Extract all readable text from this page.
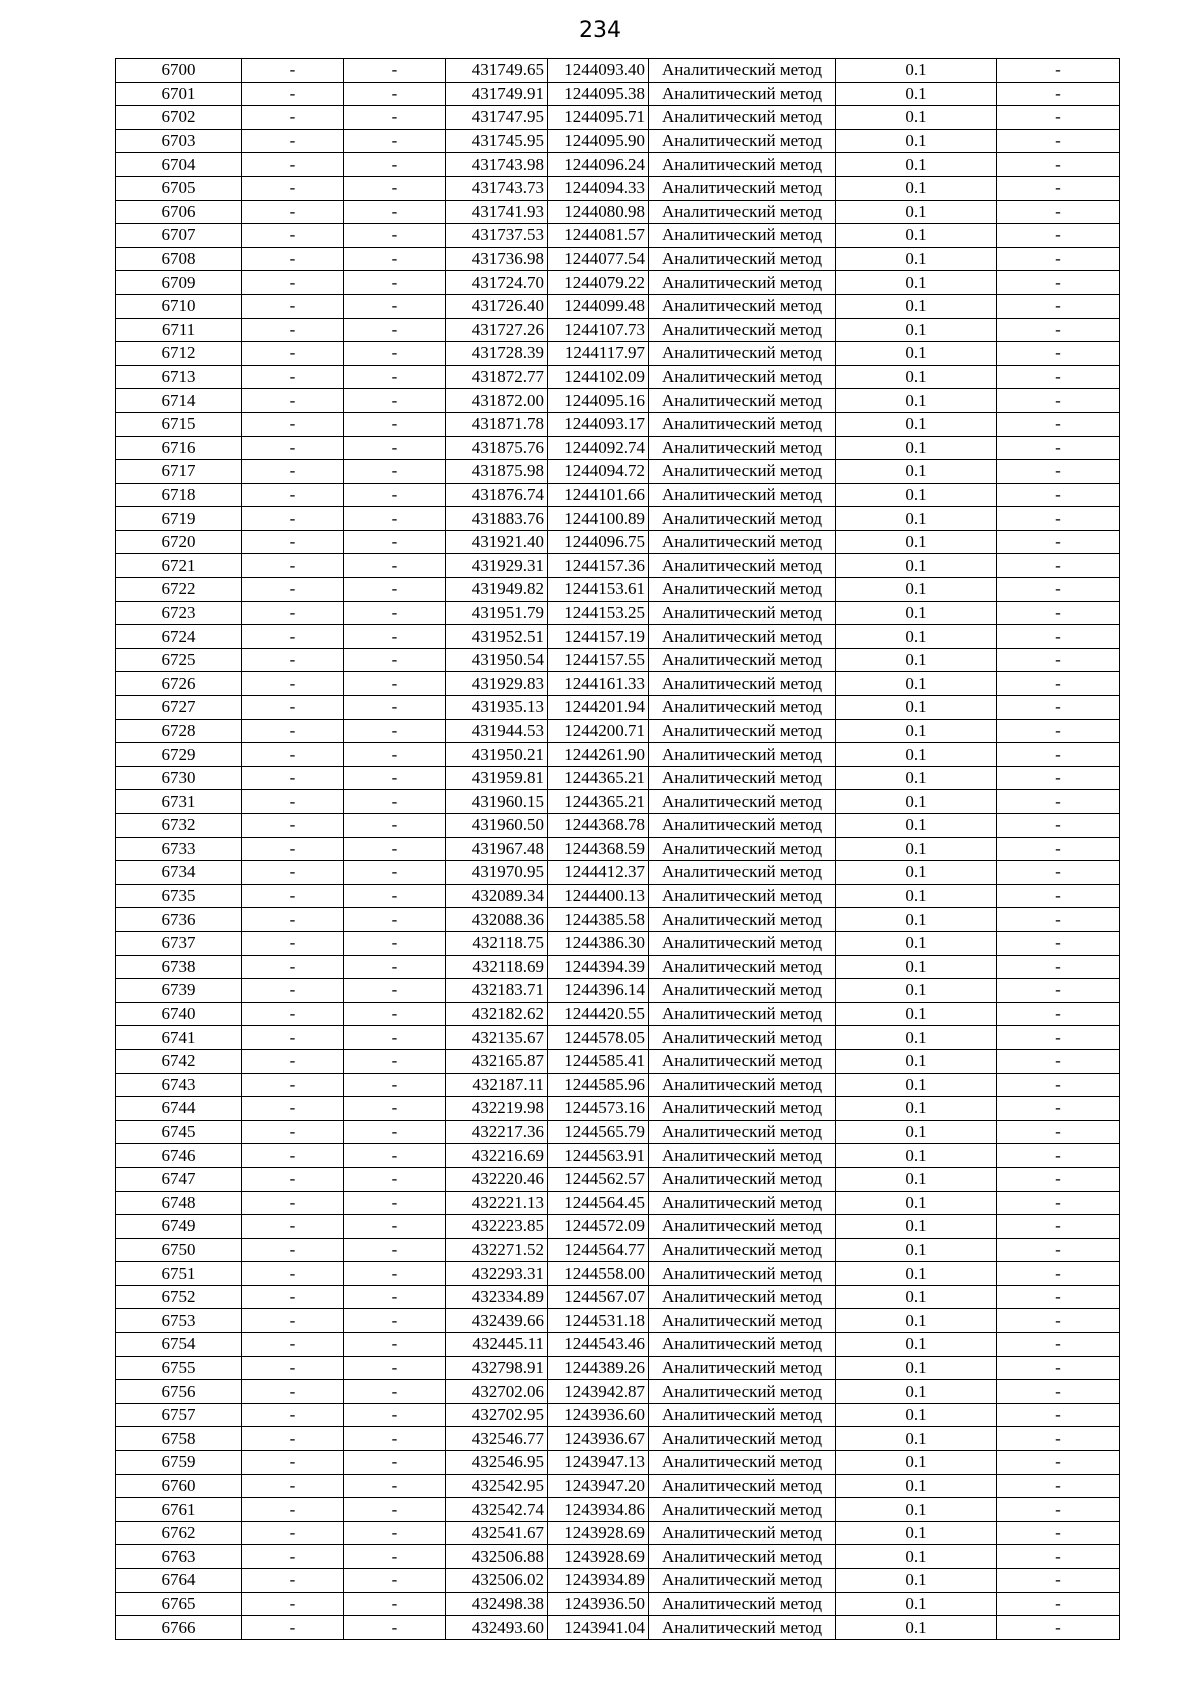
234
6700	-	-	431749.65	1244093.40	Аналитический метод	0.1	-
6701	-	-	431749.91	1244095.38	Аналитический метод	0.1	-
6702	-	-	431747.95	1244095.71	Аналитический метод	0.1	-
6703	-	-	431745.95	1244095.90	Аналитический метод	0.1	-
6704	-	-	431743.98	1244096.24	Аналитический метод	0.1	-
6705	-	-	431743.73	1244094.33	Аналитический метод	0.1	-
6706	-	-	431741.93	1244080.98	Аналитический метод	0.1	-
6707	-	-	431737.53	1244081.57	Аналитический метод	0.1	-
6708	-	-	431736.98	1244077.54	Аналитический метод	0.1	-
6709	-	-	431724.70	1244079.22	Аналитический метод	0.1	-
6710	-	-	431726.40	1244099.48	Аналитический метод	0.1	-
6711	-	-	431727.26	1244107.73	Аналитический метод	0.1	-
6712	-	-	431728.39	1244117.97	Аналитический метод	0.1	-
6713	-	-	431872.77	1244102.09	Аналитический метод	0.1	-
6714	-	-	431872.00	1244095.16	Аналитический метод	0.1	-
6715	-	-	431871.78	1244093.17	Аналитический метод	0.1	-
6716	-	-	431875.76	1244092.74	Аналитический метод	0.1	-
6717	-	-	431875.98	1244094.72	Аналитический метод	0.1	-
6718	-	-	431876.74	1244101.66	Аналитический метод	0.1	-
6719	-	-	431883.76	1244100.89	Аналитический метод	0.1	-
6720	-	-	431921.40	1244096.75	Аналитический метод	0.1	-
6721	-	-	431929.31	1244157.36	Аналитический метод	0.1	-
6722	-	-	431949.82	1244153.61	Аналитический метод	0.1	-
6723	-	-	431951.79	1244153.25	Аналитический метод	0.1	-
6724	-	-	431952.51	1244157.19	Аналитический метод	0.1	-
6725	-	-	431950.54	1244157.55	Аналитический метод	0.1	-
6726	-	-	431929.83	1244161.33	Аналитический метод	0.1	-
6727	-	-	431935.13	1244201.94	Аналитический метод	0.1	-
6728	-	-	431944.53	1244200.71	Аналитический метод	0.1	-
6729	-	-	431950.21	1244261.90	Аналитический метод	0.1	-
6730	-	-	431959.81	1244365.21	Аналитический метод	0.1	-
6731	-	-	431960.15	1244365.21	Аналитический метод	0.1	-
6732	-	-	431960.50	1244368.78	Аналитический метод	0.1	-
6733	-	-	431967.48	1244368.59	Аналитический метод	0.1	-
6734	-	-	431970.95	1244412.37	Аналитический метод	0.1	-
6735	-	-	432089.34	1244400.13	Аналитический метод	0.1	-
6736	-	-	432088.36	1244385.58	Аналитический метод	0.1	-
6737	-	-	432118.75	1244386.30	Аналитический метод	0.1	-
6738	-	-	432118.69	1244394.39	Аналитический метод	0.1	-
6739	-	-	432183.71	1244396.14	Аналитический метод	0.1	-
6740	-	-	432182.62	1244420.55	Аналитический метод	0.1	-
6741	-	-	432135.67	1244578.05	Аналитический метод	0.1	-
6742	-	-	432165.87	1244585.41	Аналитический метод	0.1	-
6743	-	-	432187.11	1244585.96	Аналитический метод	0.1	-
6744	-	-	432219.98	1244573.16	Аналитический метод	0.1	-
6745	-	-	432217.36	1244565.79	Аналитический метод	0.1	-
6746	-	-	432216.69	1244563.91	Аналитический метод	0.1	-
6747	-	-	432220.46	1244562.57	Аналитический метод	0.1	-
6748	-	-	432221.13	1244564.45	Аналитический метод	0.1	-
6749	-	-	432223.85	1244572.09	Аналитический метод	0.1	-
6750	-	-	432271.52	1244564.77	Аналитический метод	0.1	-
6751	-	-	432293.31	1244558.00	Аналитический метод	0.1	-
6752	-	-	432334.89	1244567.07	Аналитический метод	0.1	-
6753	-	-	432439.66	1244531.18	Аналитический метод	0.1	-
6754	-	-	432445.11	1244543.46	Аналитический метод	0.1	-
6755	-	-	432798.91	1244389.26	Аналитический метод	0.1	-
6756	-	-	432702.06	1243942.87	Аналитический метод	0.1	-
6757	-	-	432702.95	1243936.60	Аналитический метод	0.1	-
6758	-	-	432546.77	1243936.67	Аналитический метод	0.1	-
6759	-	-	432546.95	1243947.13	Аналитический метод	0.1	-
6760	-	-	432542.95	1243947.20	Аналитический метод	0.1	-
6761	-	-	432542.74	1243934.86	Аналитический метод	0.1	-
6762	-	-	432541.67	1243928.69	Аналитический метод	0.1	-
6763	-	-	432506.88	1243928.69	Аналитический метод	0.1	-
6764	-	-	432506.02	1243934.89	Аналитический метод	0.1	-
6765	-	-	432498.38	1243936.50	Аналитический метод	0.1	-
6766	-	-	432493.60	1243941.04	Аналитический метод	0.1	-
